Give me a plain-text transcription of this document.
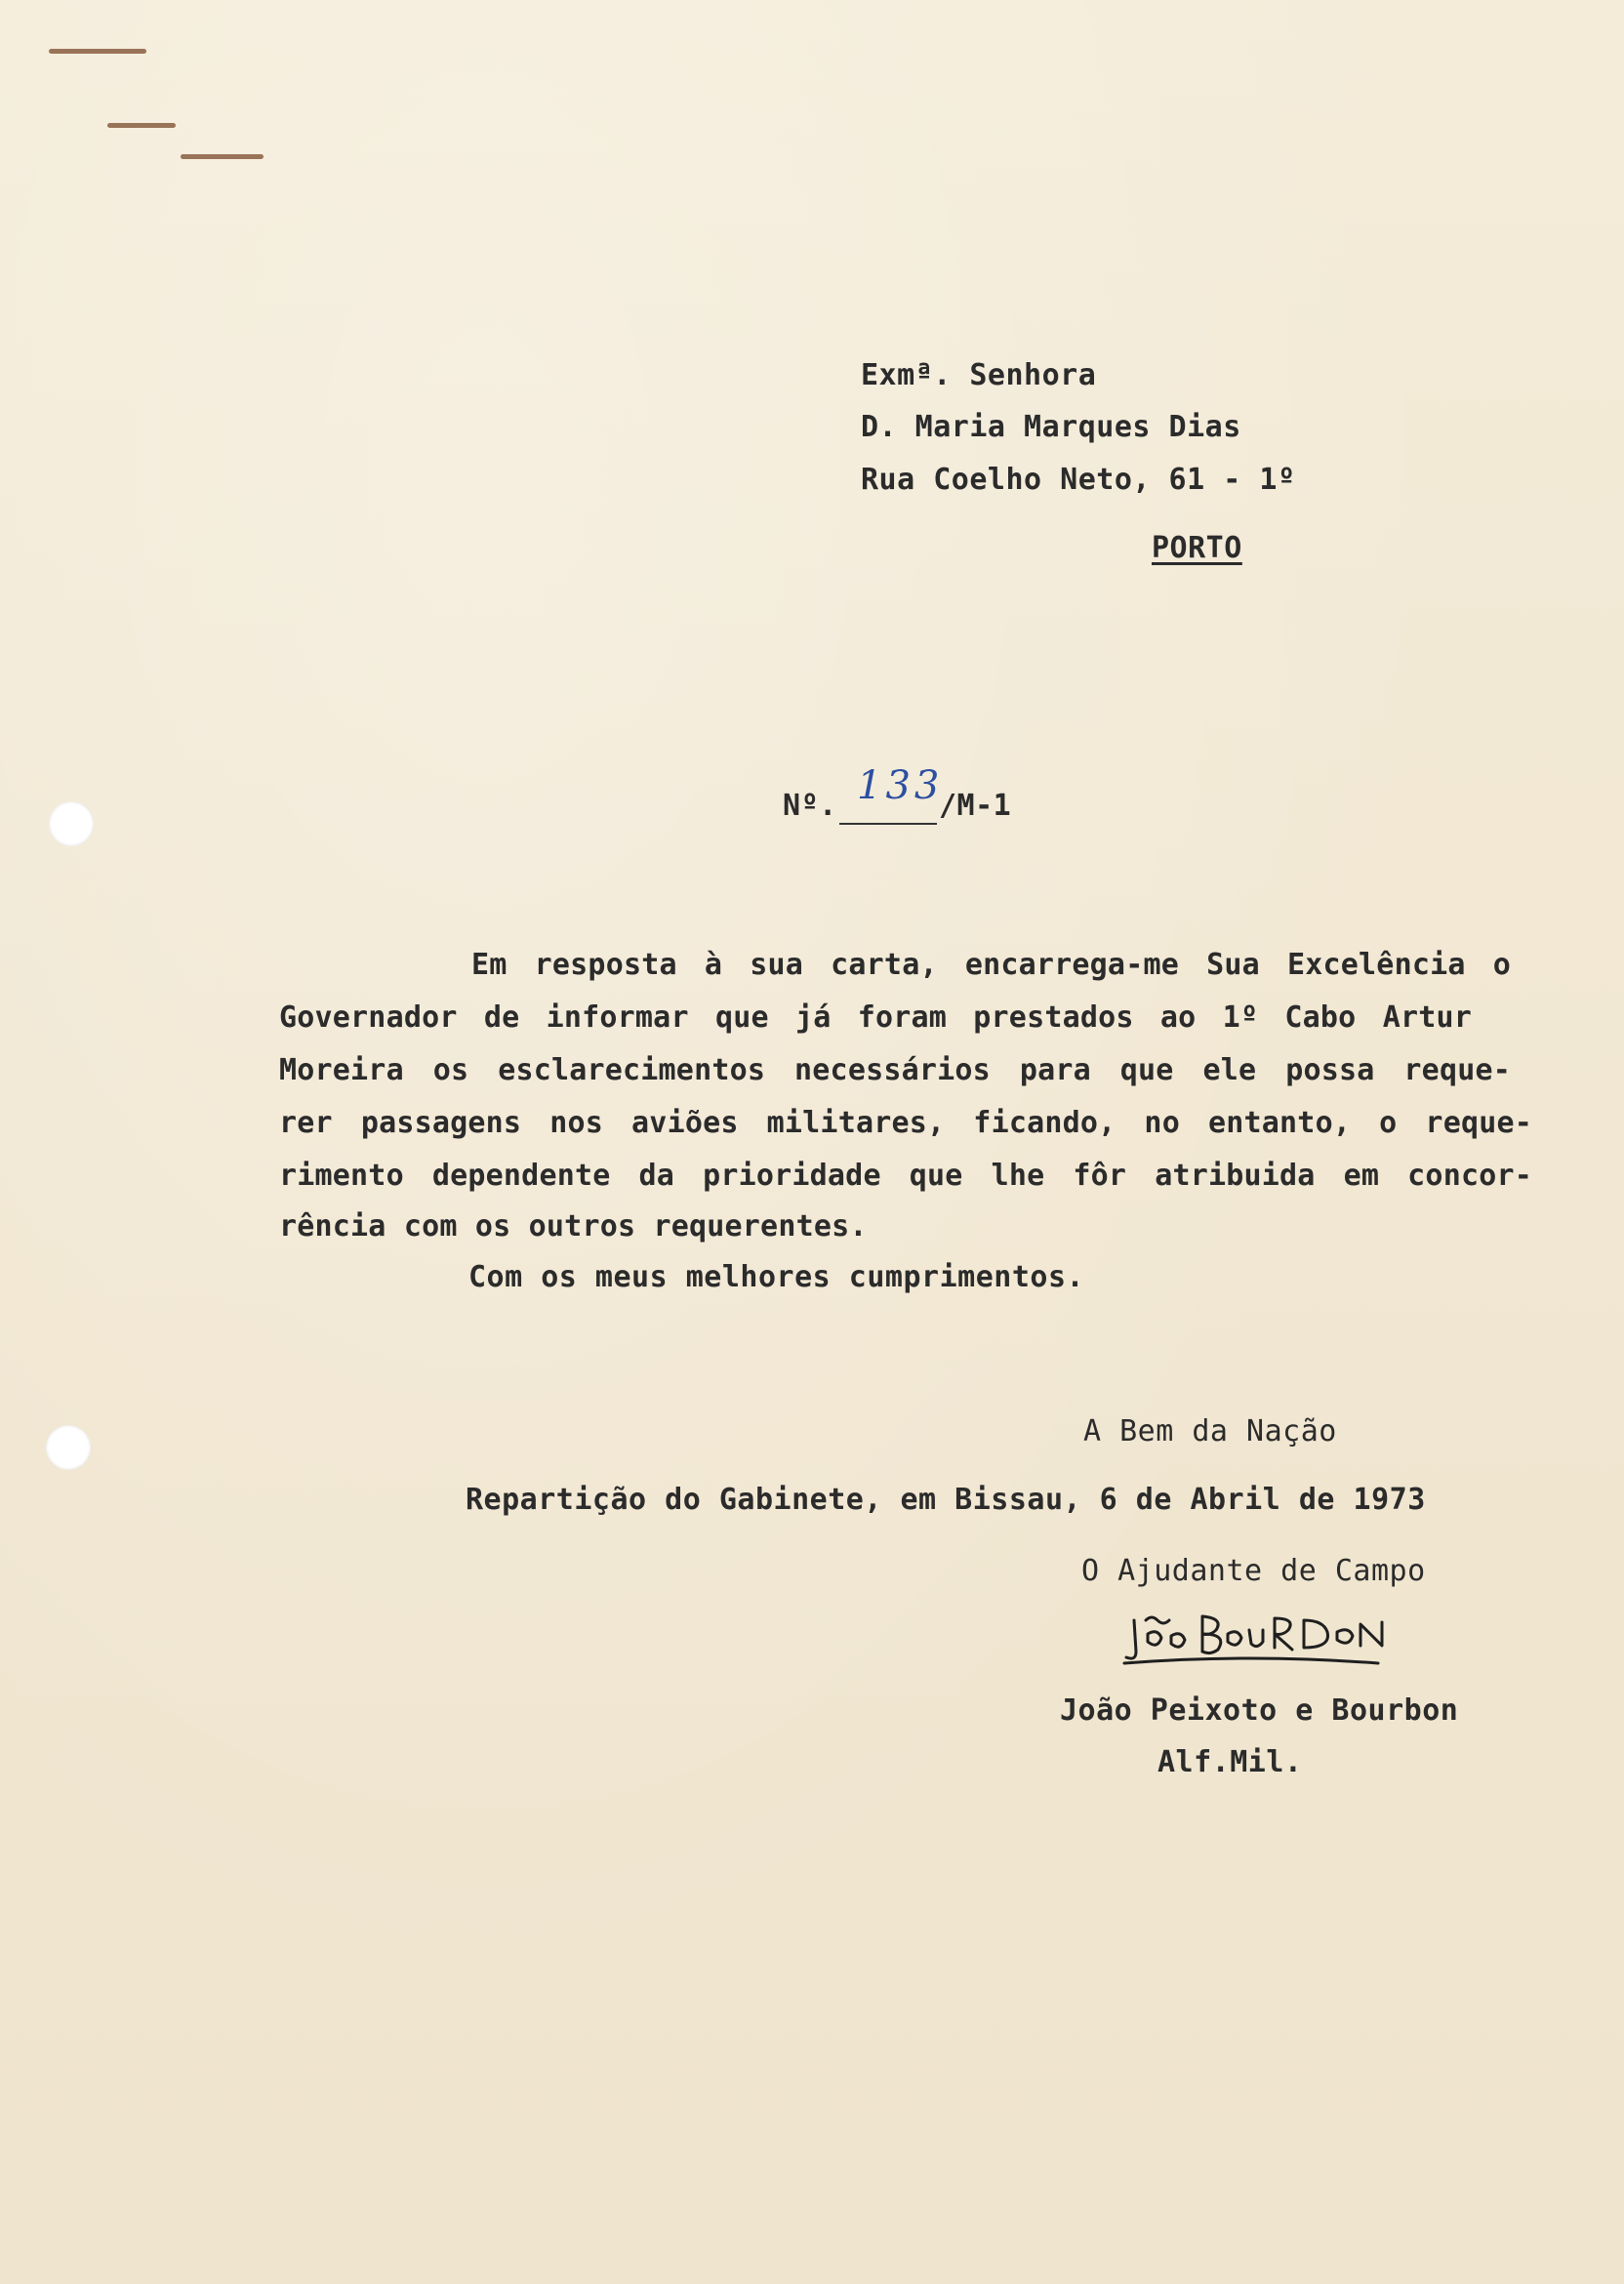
Exmª. Senhora
D. Maria Marques Dias
Rua Coelho Neto, 61 - 1º
PORTO
Nº. 133
/M-1
Em resposta à sua carta, encarrega-me Sua Excelência o
Governador de informar que já foram prestados ao 1º Cabo Artur
Moreira os esclarecimentos necessários para que ele possa reque-
rer passagens nos aviões militares, ficando, no entanto, o reque-
rimento dependente da prioridade que lhe fôr atribuida em concor-
rência com os outros requerentes.
Com os meus melhores cumprimentos.
A Bem da Nação
Repartição do Gabinete, em Bissau, 6 de Abril de 1973
O Ajudante de Campo
João Peixoto e Bourbon
Alf.Mil.
